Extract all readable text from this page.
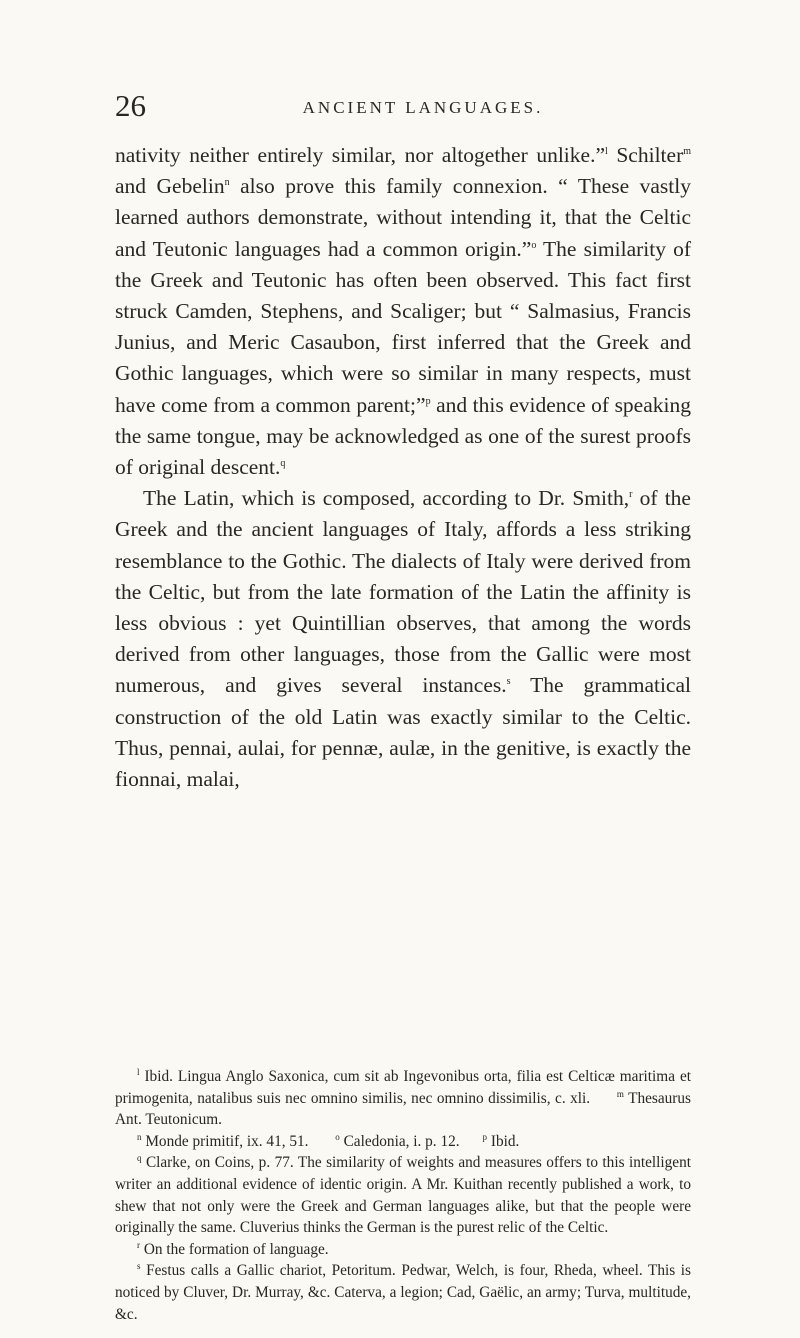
26	ANCIENT LANGUAGES.

nativity neither entirely similar, nor altogether unlike.”$^l$ Schilter$^m$ and Gebelin$^n$ also prove this family connexion. “ These vastly learned authors demonstrate, without intending it, that the Celtic and Teutonic languages had a common origin.”$^o$ The similarity of the Greek and Teutonic has often been observed. This fact first struck Camden, Stephens, and Scaliger; but “ Salmasius, Francis Junius, and Meric Casaubon, first inferred that the Greek and Gothic languages, which were so similar in many respects, must have come from a common parent;”$^p$ and this evidence of speaking the same tongue, may be acknowledged as one of the surest proofs of original descent.$^q$

The Latin, which is composed, according to Dr. Smith,$^r$ of the Greek and the ancient languages of Italy, affords a less striking resemblance to the Gothic. The dialects of Italy were derived from the Celtic, but from the late formation of the Latin the affinity is less obvious : yet Quintillian observes, that among the words derived from other languages, those from the Gallic were most numerous, and gives several instances.$^s$ The grammatical construction of the old Latin was exactly similar to the Celtic. Thus, pennai, aulai, for pennæ, aulæ, in the genitive, is exactly the fionnai, malai,

$^l$ Ibid. Lingua Anglo Saxonica, cum sit ab Ingevonibus orta, filia est Celticæ maritima et primogenita, natalibus suis nec omnino similis, nec omnino dissimilis, c. xli.	$^m$ Thesaurus Ant. Teutonicum.

$^n$ Monde primitif, ix. 41, 51.	$^o$ Caledonia, i. p. 12.	$^p$ Ibid.

$^q$ Clarke, on Coins, p. 77. The similarity of weights and measures offers to this intelligent writer an additional evidence of identic origin. A Mr. Kuithan recently published a work, to shew that not only were the Greek and German languages alike, but that the people were originally the same. Cluverius thinks the German is the purest relic of the Celtic.

$^r$ On the formation of language.

$^s$ Festus calls a Gallic chariot, Petoritum. Pedwar, Welch, is four, Rheda, wheel. This is noticed by Cluver, Dr. Murray, &c. Caterva, a legion; Cad, Gaëlic, an army; Turva, multitude, &c.
